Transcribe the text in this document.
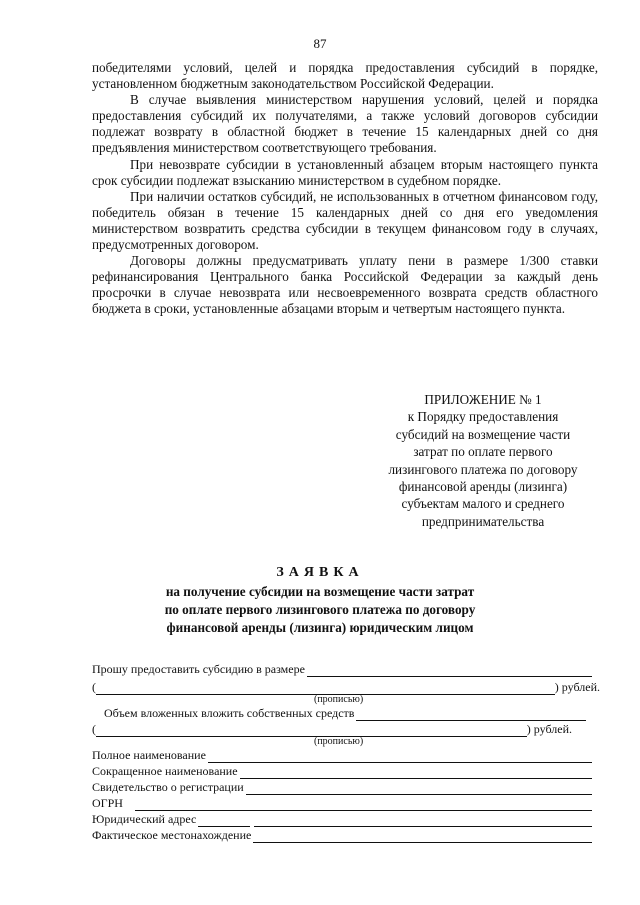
87

победителями условий, целей и порядка предоставления субсидий в порядке, установленном бюджетным законодательством Российской Федерации.

В случае выявления министерством нарушения условий, целей и порядка предоставления субсидий их получателями, а также условий договоров субсидии подлежат возврату в областной бюджет в течение 15 календарных дней со дня предъявления министерством соответствующего требования.

При невозврате субсидии в установленный абзацем вторым настоящего пункта срок субсидии подлежат взысканию министерством в судебном порядке.

При наличии остатков субсидий, не использованных в отчетном финансовом году, победитель обязан в течение 15 календарных дней со дня его уведомления министерством возвратить средства субсидии в текущем финансовом году в случаях, предусмотренных договором.

Договоры должны предусматривать уплату пени в размере 1/300 ставки рефинансирования Центрального банка Российской Федерации за каждый день просрочки в случае невозврата или несвоевременного возврата средств областного бюджета в сроки, установленные абзацами вторым и четвертым настоящего пункта.

ПРИЛОЖЕНИЕ № 1
к Порядку предоставления
субсидий на возмещение части
затрат по оплате первого
лизингового платежа по договору
финансовой аренды (лизинга)
субъектам малого и среднего
предпринимательства
ЗАЯВКА
на получение субсидии на возмещение части затрат
по оплате первого лизингового платежа по договору
финансовой аренды (лизинга) юридическим лицом
Прошу предоставить субсидию в размере
(	) рублей.
(прописью)
Объем вложенных вложить собственных средств
(	) рублей.
(прописью)
Полное наименование
Сокращенное наименование
Свидетельство о регистрации
ОГРН
Юридический адрес
Фактическое местонахождение
